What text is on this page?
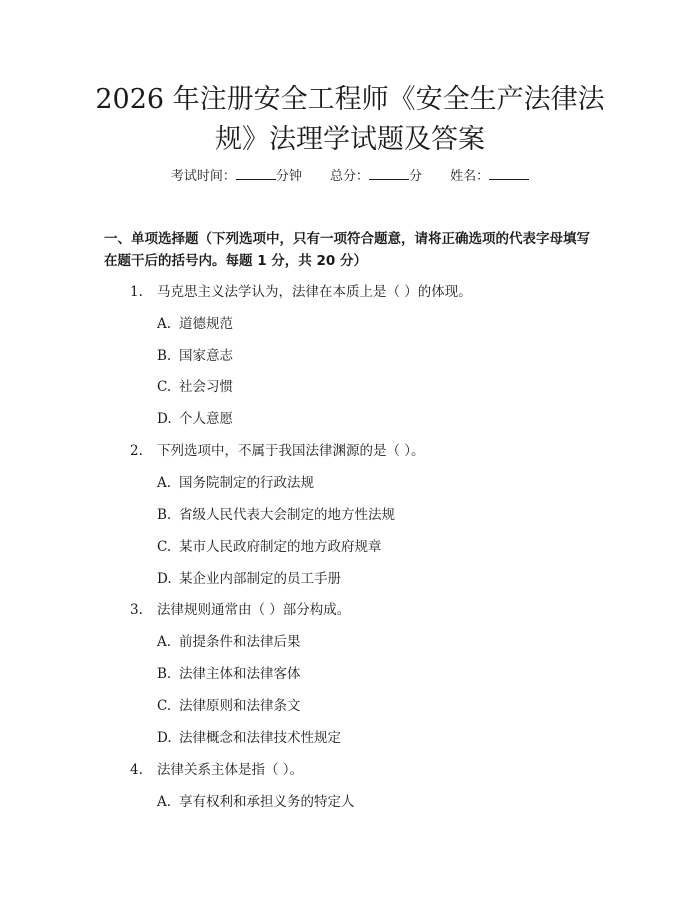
2026 年注册安全工程师《安全生产法律法
规》法理学试题及答案
考试时间：	分钟 总分：	分 姓名：

一、单项选择题（下列选项中，只有一项符合题意，请将正确选项的代表字母填写在题干后的括号内。每题 1 分，共 20 分）

1. 马克思主义法学认为，法律在本质上是（ ）的体现。
A. 道德规范
B. 国家意志
C. 社会习惯
D. 个人意愿
2. 下列选项中，不属于我国法律渊源的是（ ）。
A. 国务院制定的行政法规
B. 省级人民代表大会制定的地方性法规
C. 某市人民政府制定的地方政府规章
D. 某企业内部制定的员工手册
3. 法律规则通常由（ ）部分构成。
A. 前提条件和法律后果
B. 法律主体和法律客体
C. 法律原则和法律条文
D. 法律概念和法律技术性规定
4. 法律关系主体是指（ ）。
A. 享有权利和承担义务的特定人
